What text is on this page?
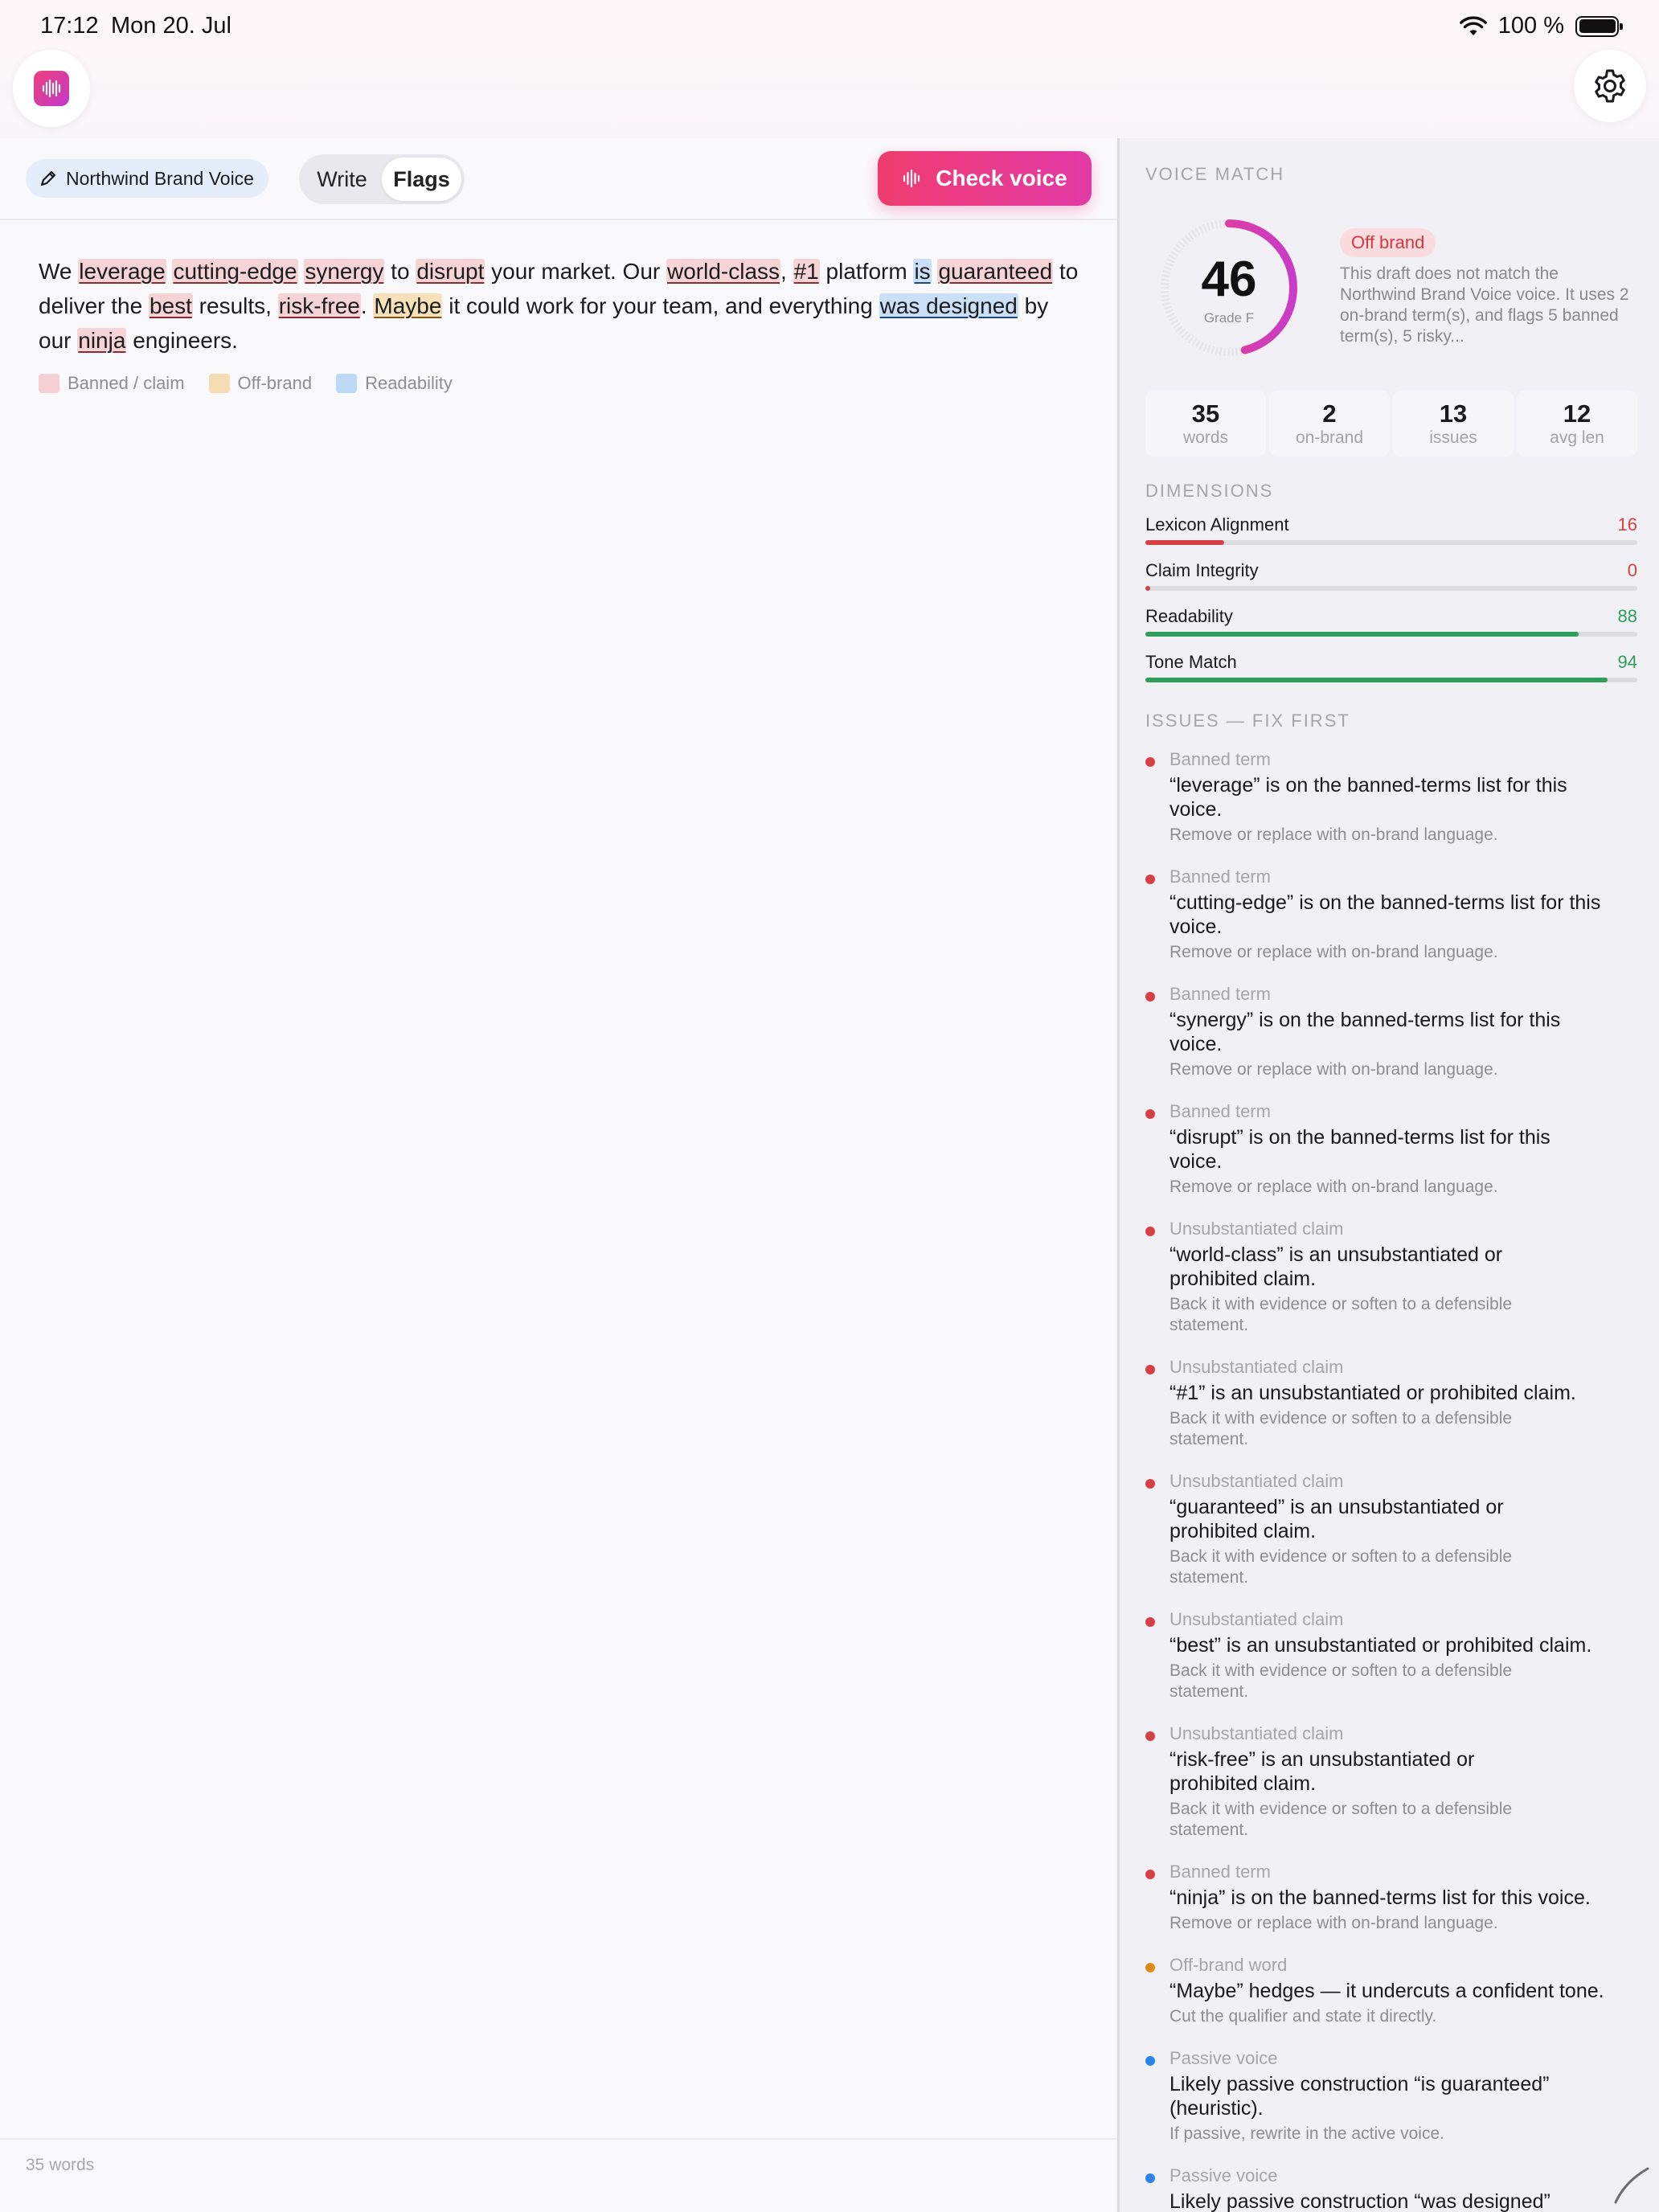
17:12 Mon 20. Jul	100 %
Northwind Brand Voice	Write	Flags	Check voice
We leverage cutting-edge synergy to disrupt your market. Our world-class, #1 platform is guaranteed to deliver the best results, risk-free. Maybe it could work for your team, and everything was designed by our ninja engineers.
Banned / claim	Off-brand	Readability
35 words
VOICE MATCH
46
Grade F
Off brand
This draft does not match the Northwind Brand Voice voice. It uses 2 on-brand term(s), and flags 5 banned term(s), 5 risky...
35
words
2
on-brand
13
issues
12
avg len
DIMENSIONS
Lexicon Alignment	16
Claim Integrity	0
Readability	88
Tone Match	94
ISSUES — FIX FIRST
Banned term
“leverage” is on the banned-terms list for this voice.
Remove or replace with on-brand language.
Banned term
“cutting-edge” is on the banned-terms list for this voice.
Remove or replace with on-brand language.
Banned term
“synergy” is on the banned-terms list for this voice.
Remove or replace with on-brand language.
Banned term
“disrupt” is on the banned-terms list for this voice.
Remove or replace with on-brand language.
Unsubstantiated claim
“world-class” is an unsubstantiated or prohibited claim.
Back it with evidence or soften to a defensible statement.
Unsubstantiated claim
“#1” is an unsubstantiated or prohibited claim.
Back it with evidence or soften to a defensible statement.
Unsubstantiated claim
“guaranteed” is an unsubstantiated or prohibited claim.
Back it with evidence or soften to a defensible statement.
Unsubstantiated claim
“best” is an unsubstantiated or prohibited claim.
Back it with evidence or soften to a defensible statement.
Unsubstantiated claim
“risk-free” is an unsubstantiated or prohibited claim.
Back it with evidence or soften to a defensible statement.
Banned term
“ninja” is on the banned-terms list for this voice.
Remove or replace with on-brand language.
Off-brand word
“Maybe” hedges — it undercuts a confident tone.
Cut the qualifier and state it directly.
Passive voice
Likely passive construction “is guaranteed” (heuristic).
If passive, rewrite in the active voice.
Passive voice
Likely passive construction “was designed”
